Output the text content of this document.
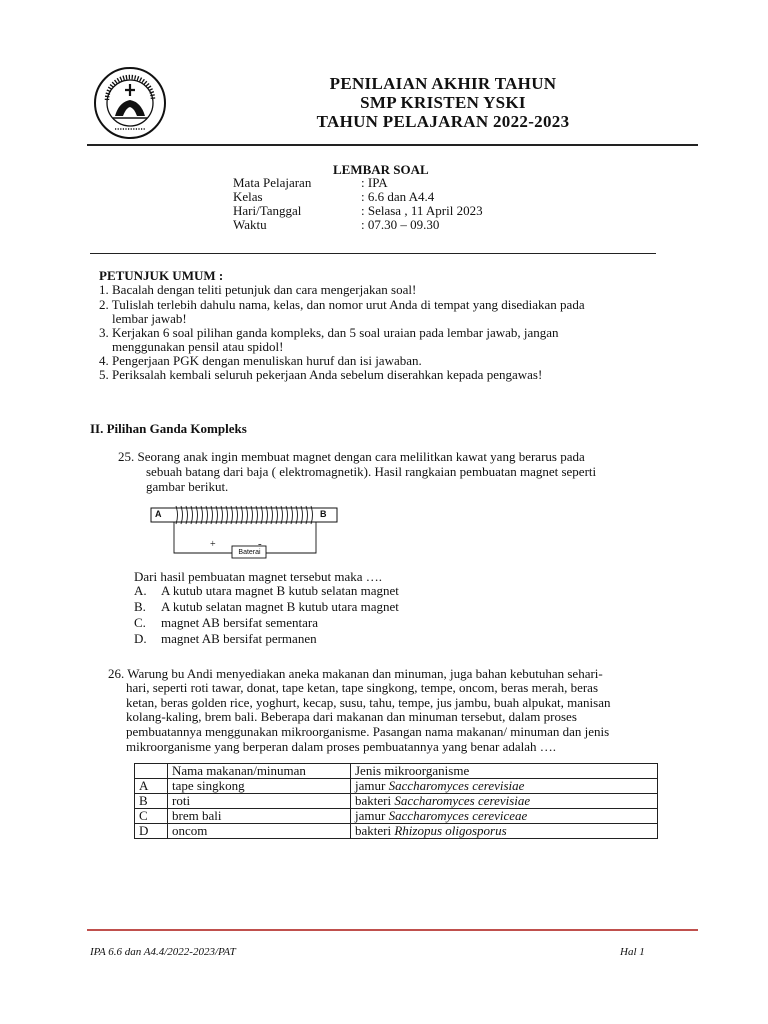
PENILAIAN AKHIR TAHUN
SMP KRISTEN YSKI
TAHUN PELAJARAN 2022-2023
LEMBAR SOAL
Mata Pelajaran	: IPA
Kelas	: 6.6 dan A4.4
Hari/Tanggal	: Selasa , 11 April 2023
Waktu	: 07.30 – 09.30
PETUNJUK UMUM :
1. Bacalah dengan teliti petunjuk dan cara mengerjakan soal!
2. Tulislah terlebih dahulu nama, kelas, dan nomor urut Anda di tempat yang disediakan pada
lembar jawab!
3. Kerjakan 6 soal pilihan ganda kompleks, dan 5 soal uraian pada lembar jawab, jangan
menggunakan pensil atau spidol!
4. Pengerjaan PGK dengan menuliskan huruf dan isi jawaban.
5. Periksalah kembali seluruh pekerjaan Anda sebelum diserahkan kepada pengawas!
II. Pilihan Ganda Kompleks
25. Seorang anak ingin membuat magnet dengan cara melilitkan kawat yang berarus pada
sebuah batang dari baja ( elektromagnetik). Hasil rangkaian pembuatan magnet seperti
gambar berikut.
A	B
+	-
Baterai
Dari hasil pembuatan magnet tersebut maka ….
A. A kutub utara magnet B kutub selatan magnet
B. A kutub selatan magnet B kutub utara magnet
C. magnet AB bersifat sementara
D. magnet AB bersifat permanen
26. Warung bu Andi menyediakan aneka makanan dan minuman, juga bahan kebutuhan sehari-
hari, seperti roti tawar, donat, tape ketan, tape singkong, tempe, oncom, beras merah, beras
ketan, beras golden rice, yoghurt, kecap, susu, tahu, tempe, jus jambu, buah alpukat, manisan
kolang-kaling, brem bali. Beberapa dari makanan dan minuman tersebut, dalam proses
pembuatannya menggunakan mikroorganisme. Pasangan nama makanan/ minuman dan jenis
mikroorganisme yang berperan dalam proses pembuatannya yang benar adalah ….
	Nama makanan/minuman	Jenis mikroorganisme
A	tape singkong	jamur Saccharomyces cerevisiae
B	roti	bakteri Saccharomyces cerevisiae
C	brem bali	jamur Saccharomyces cereviceae
D	oncom	bakteri Rhizopus oligosporus
IPA 6.6 dan A4.4/2022-2023/PAT	Hal 1
